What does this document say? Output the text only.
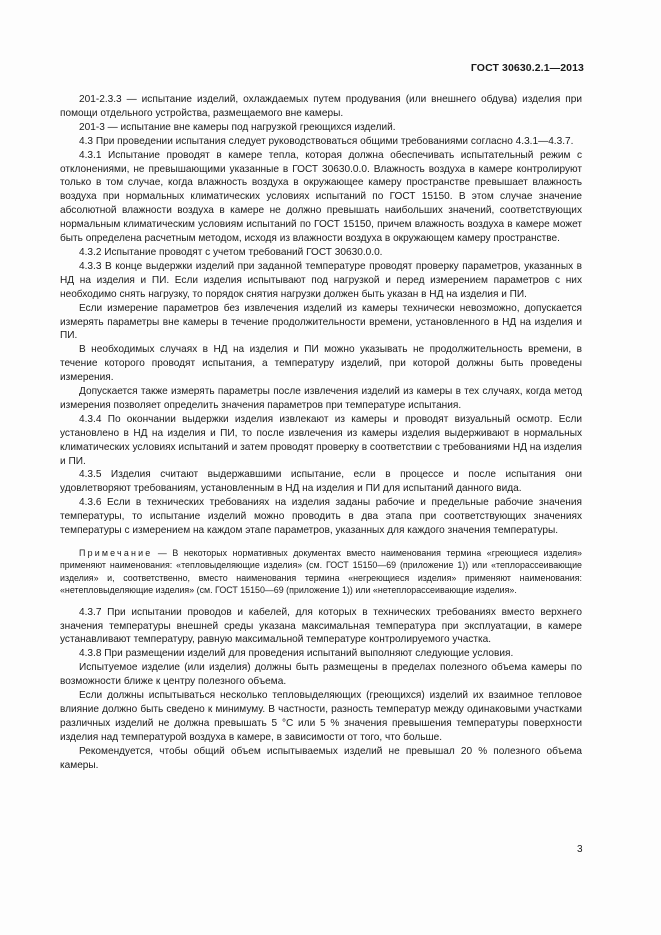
ГОСТ 30630.2.1—2013

201-2.3.3 — испытание изделий, охлаждаемых путем продувания (или внешнего обдува) изделия при помощи отдельного устройства, размещаемого вне камеры.

201-3 — испытание вне камеры под нагрузкой греющихся изделий.

4.3 При проведении испытания следует руководствоваться общими требованиями согласно 4.3.1—4.3.7.

4.3.1 Испытание проводят в камере тепла, которая должна обеспечивать испытательный режим с отклонениями, не превышающими указанные в ГОСТ 30630.0.0. Влажность воздуха в камере контролируют только в том случае, когда влажность воздуха в окружающее камеру пространстве превышает влажность воздуха при нормальных климатических условиях испытаний по ГОСТ 15150. В этом случае значение абсолютной влажности воздуха в камере не должно превышать наибольших значений, соответствующих нормальным климатическим условиям испытаний по ГОСТ 15150, причем влажность воздуха в камере может быть определена расчетным методом, исходя из влажности воздуха в окружающем камеру пространстве.

4.3.2 Испытание проводят с учетом требований ГОСТ 30630.0.0.

4.3.3 В конце выдержки изделий при заданной температуре проводят проверку параметров, указанных в НД на изделия и ПИ. Если изделия испытывают под нагрузкой и перед измерением параметров с них необходимо снять нагрузку, то порядок снятия нагрузки должен быть указан в НД на изделия и ПИ.

Если измерение параметров без извлечения изделий из камеры технически невозможно, допускается измерять параметры вне камеры в течение продолжительности времени, установленного в НД на изделия и ПИ.

В необходимых случаях в НД на изделия и ПИ можно указывать не продолжительность времени, в течение которого проводят испытания, а температуру изделий, при которой должны быть проведены измерения.

Допускается также измерять параметры после извлечения изделий из камеры в тех случаях, когда метод измерения позволяет определить значения параметров при температуре испытания.

4.3.4 По окончании выдержки изделия извлекают из камеры и проводят визуальный осмотр. Если установлено в НД на изделия и ПИ, то после извлечения из камеры изделия выдерживают в нормальных климатических условиях испытаний и затем проводят проверку в соответствии с требованиями НД на изделия и ПИ.

4.3.5 Изделия считают выдержавшими испытание, если в процессе и после испытания они удовлетворяют требованиям, установленным в НД на изделия и ПИ для испытаний данного вида.

4.3.6 Если в технических требованиях на изделия заданы рабочие и предельные рабочие значения температуры, то испытание изделий можно проводить в два этапа при соответствующих значениях температуры с измерением на каждом этапе параметров, указанных для каждого значения температуры.

Примечание — В некоторых нормативных документах вместо наименования термина «греющиеся изделия» применяют наименования: «тепловыделяющие изделия» (см. ГОСТ 15150—69 (приложение 1)) или «теплорассеивающие изделия» и, соответственно, вместо наименования термина «негреющиеся изделия» применяют наименования: «нетепловыделяющие изделия» (см. ГОСТ 15150—69 (приложение 1)) или «нетеплорассеивающие изделия».

4.3.7 При испытании проводов и кабелей, для которых в технических требованиях вместо верхнего значения температуры внешней среды указана максимальная температура при эксплуатации, в камере устанавливают температуру, равную максимальной температуре контролируемого участка.

4.3.8 При размещении изделий для проведения испытаний выполняют следующие условия.

Испытуемое изделие (или изделия) должны быть размещены в пределах полезного объема камеры по возможности ближе к центру полезного объема.

Если должны испытываться несколько тепловыделяющих (греющихся) изделий их взаимное тепловое влияние должно быть сведено к минимуму. В частности, разность температур между одинаковыми участками различных изделий не должна превышать 5 °C или 5 % значения превышения температуры поверхности изделия над температурой воздуха в камере, в зависимости от того, что больше.

Рекомендуется, чтобы общий объем испытываемых изделий не превышал 20 % полезного объема камеры.

3
